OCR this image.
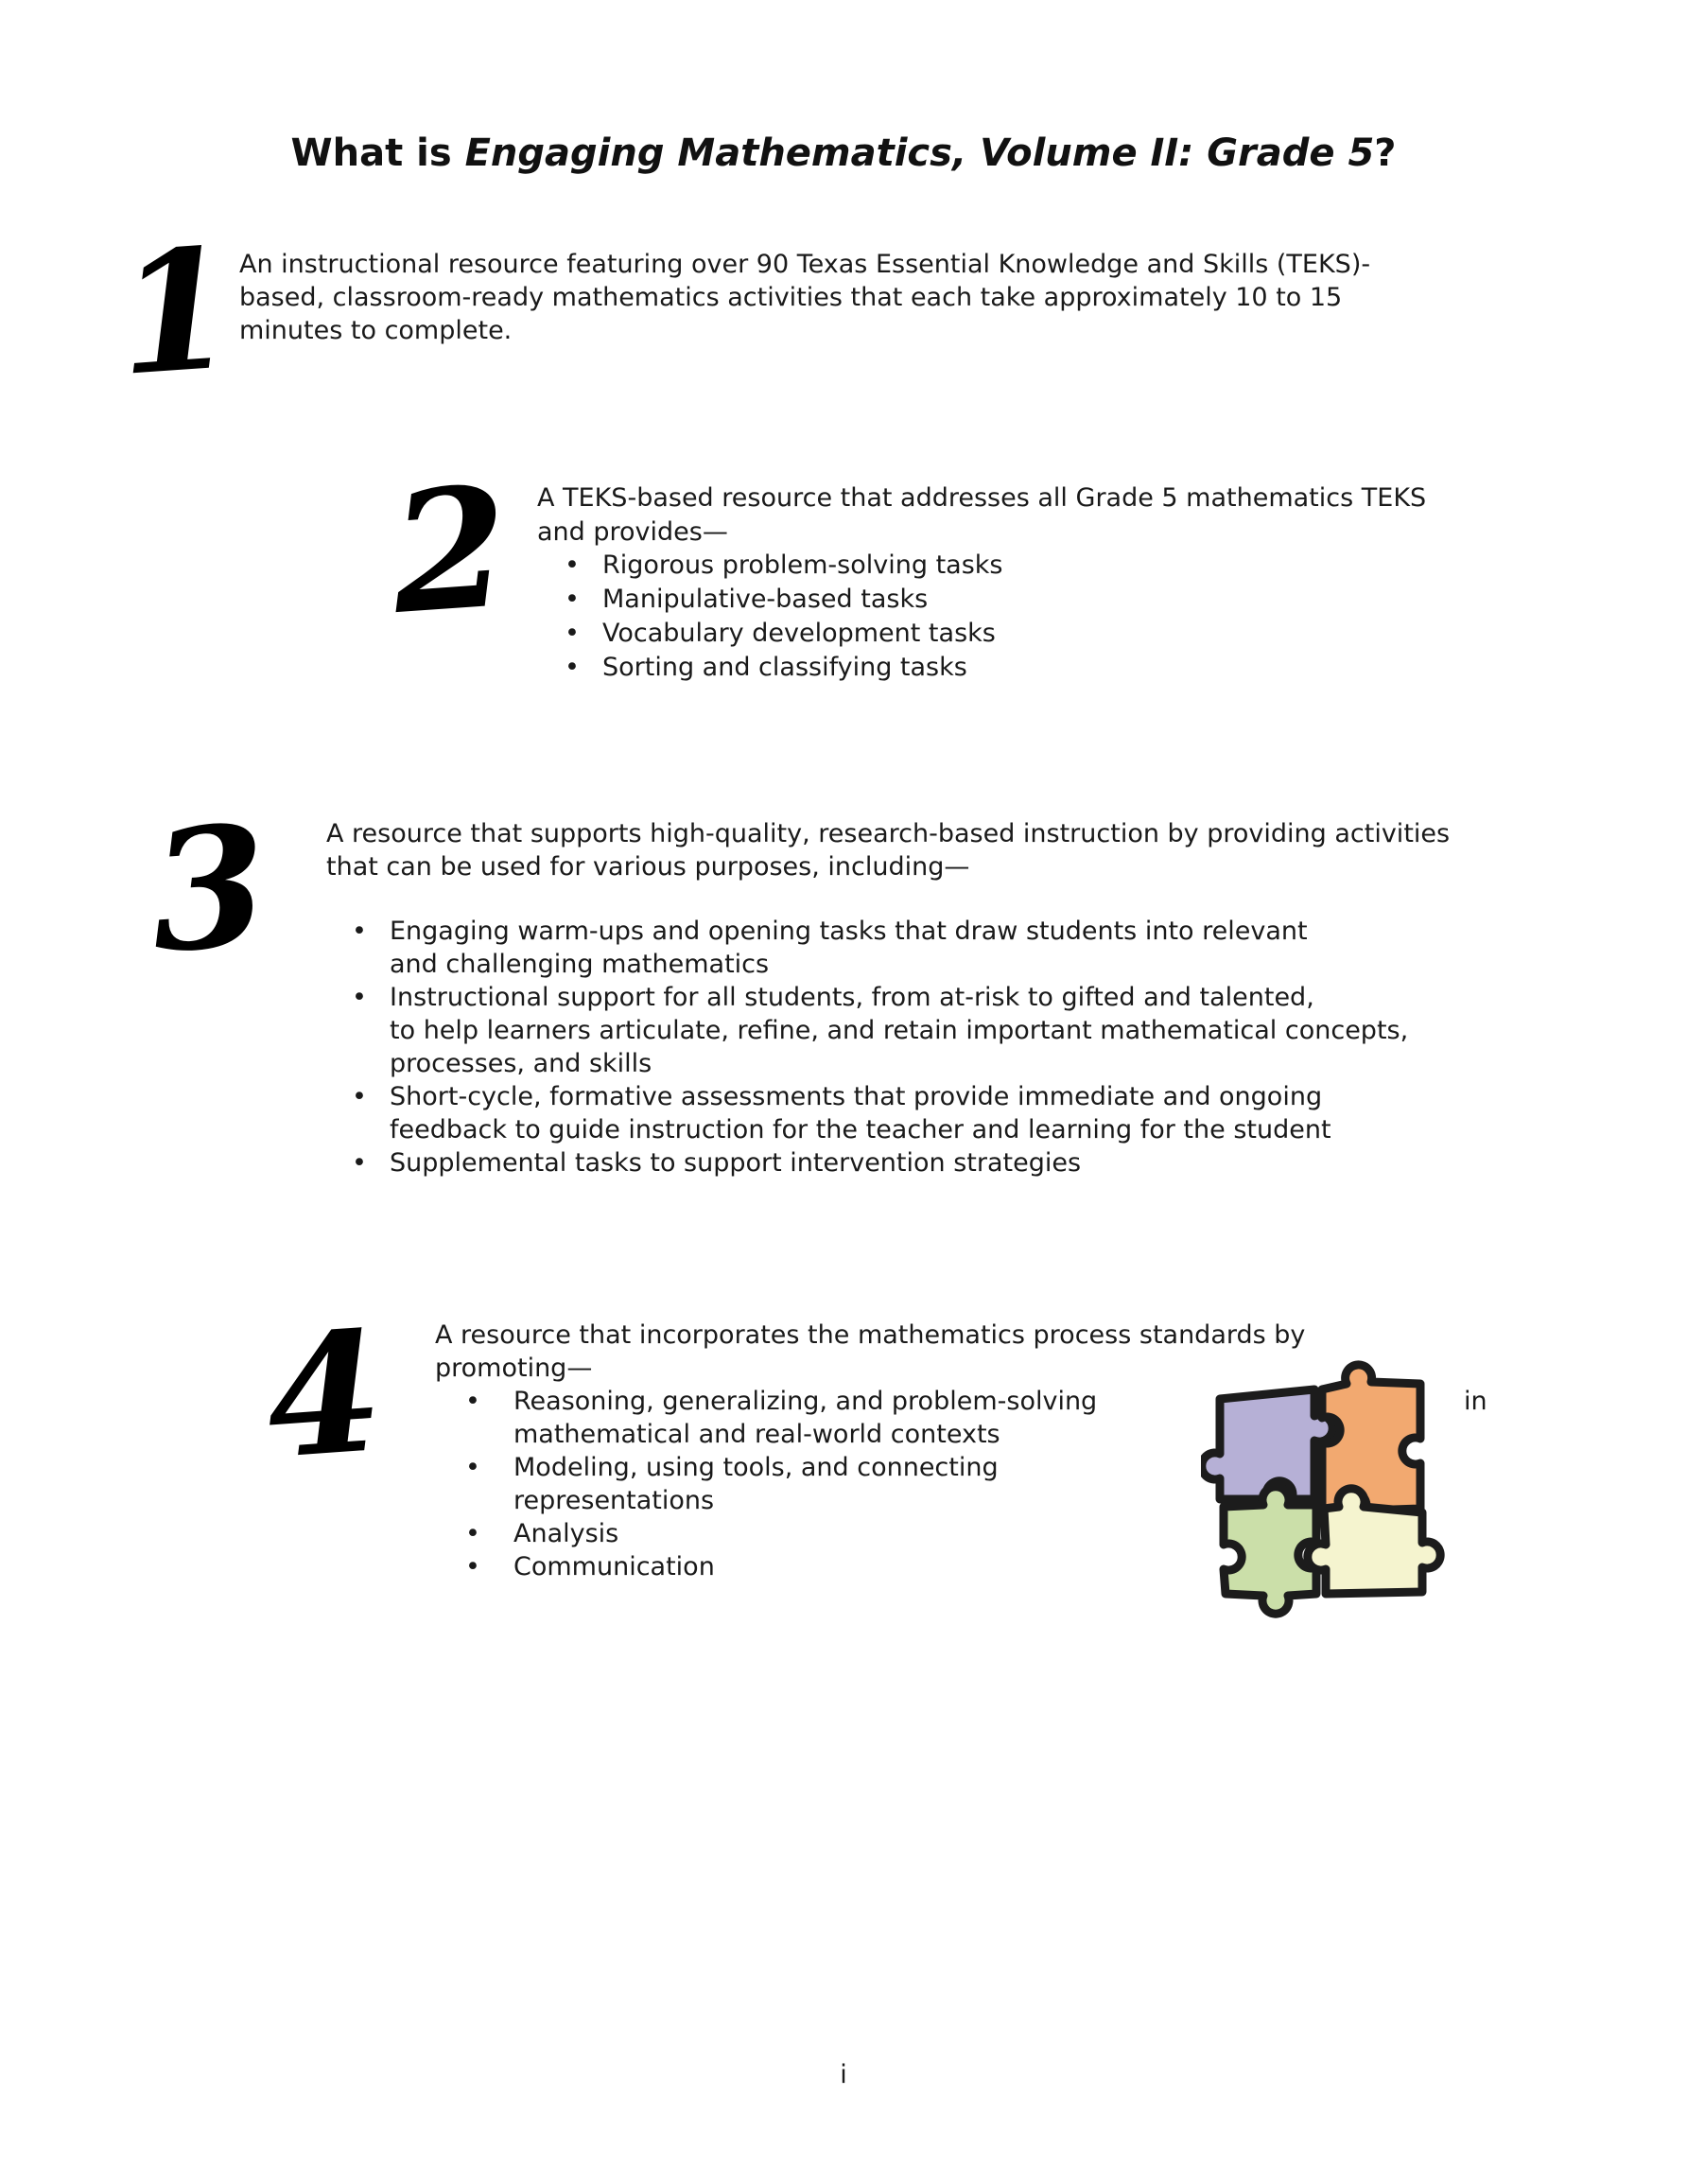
What is Engaging Mathematics, Volume II: Grade 5?
1 An instructional resource featuring over 90 Texas Essential Knowledge and Skills (TEKS)-
based, classroom-ready mathematics activities that each take approximately 10 to 15
minutes to complete.
2 A TEKS-based resource that addresses all Grade 5 mathematics TEKS
and provides—
• Rigorous problem-solving tasks
• Manipulative-based tasks
• Vocabulary development tasks
• Sorting and classifying tasks
3 A resource that supports high-quality, research-based instruction by providing activities
that can be used for various purposes, including—
• Engaging warm-ups and opening tasks that draw students into relevant
and challenging mathematics
• Instructional support for all students, from at-risk to gifted and talented,
to help learners articulate, refine, and retain important mathematical concepts,
processes, and skills
• Short-cycle, formative assessments that provide immediate and ongoing
feedback to guide instruction for the teacher and learning for the student
• Supplemental tasks to support intervention strategies
4 A resource that incorporates the mathematics process standards by
promoting—
•	Reasoning, generalizing, and problem-solving
mathematical and real-world contexts
in
•	Modeling, using tools, and connecting
representations
•	Analysis
•	Communication
i
